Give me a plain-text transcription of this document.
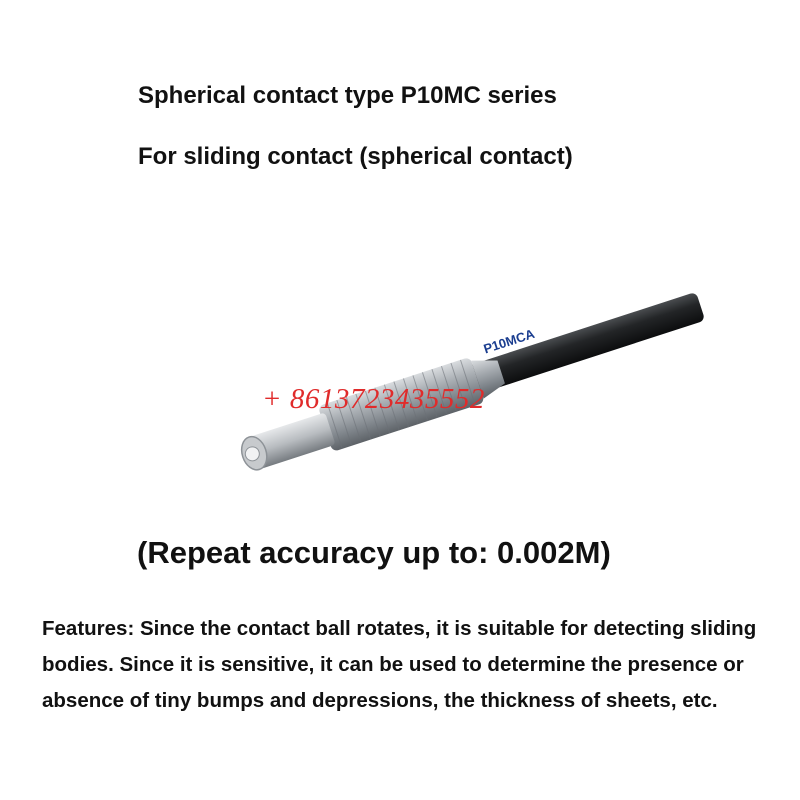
Spherical contact type P10MC series
For sliding contact (spherical contact)
P10MCA
+ 8613723435552
(Repeat accuracy up to: 0.002M)
Features: Since the contact ball rotates, it is suitable for detecting sliding bodies. Since it is sensitive, it can be used to determine the presence or absence of tiny bumps and depressions, the thickness of sheets, etc.
